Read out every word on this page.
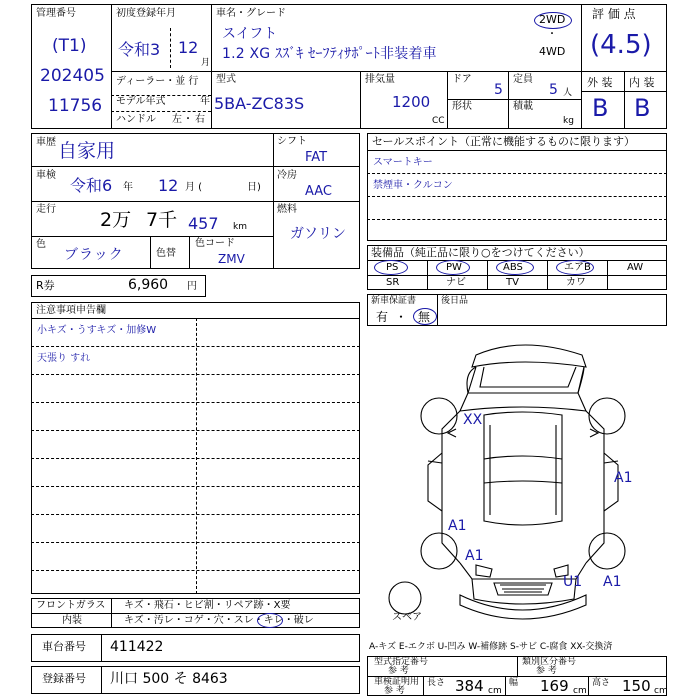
管理番号
(T1)
202405
11756
初度登録年月
令和3 12
月
ディーラー・並 行
モデル年式	年
ハンドル 左 ・ 右
車名・グレード
スイフト
1.2 XG ｽｽﾞｷ ｾｰﾌﾃｨｻﾎﾟｰﾄ非装着車
2WD
・
4WD
評 価 点
(4.5)
型式
5BA-ZC83S
排気量
1200
CC
ドア
5
定員
5 人
形状	積載
kg
外 装 内 装
B B
車歴 自家用
車検
令和6 年 12 月 (	日)
走行 2万 7千 457 km
色
ブラック	色替
色コード
ZMV
シフト
FAT
冷房
AAC
燃料
ガソリン
R券	6,960 円
セールスポイント（正常に機能するものに限ります）
スマートキー
禁煙車・クルコン
装備品（純正品に限り○をつけてください）
PS	PW	ABS	エアB	AW
SR	ナビ	TV	カワ
新車保証書
有 ・ 無
後日品
注意事項申告欄
小キズ・うすキズ・加修W
天張り すれ
XX
A1
A1
A1
U1 A1
スペア
フロントガラス キズ・飛石・ヒビ割・リペア跡・X要
内装	キズ・汚レ・コゲ・穴・スレ・キレ・破レ
車台番号 411422
登録番号 川口 500 そ 8463
A-キズ E-エクボ U-凹み W-補修跡 S-サビ C-腐食 XX-交換済
型式指定番号
参 考
類別区分番号
参 考
車検証明用
参 考
長さ 384 cm
幅 169 cm
高さ 150 cm
